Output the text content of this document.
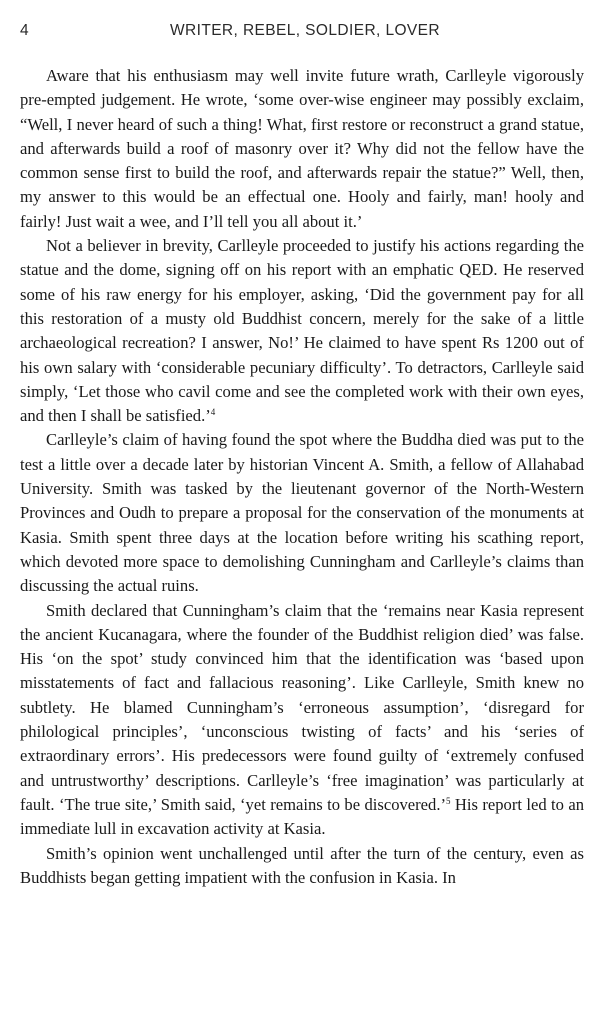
4	WRITER, REBEL, SOLDIER, LOVER

Aware that his enthusiasm may well invite future wrath, Carlleyle vigorously pre-empted judgement. He wrote, ‘some over-wise engineer may possibly exclaim, “Well, I never heard of such a thing! What, first restore or reconstruct a grand statue, and afterwards build a roof of masonry over it? Why did not the fellow have the common sense first to build the roof, and afterwards repair the statue?” Well, then, my answer to this would be an effectual one. Hooly and fairly, man! hooly and fairly! Just wait a wee, and I’ll tell you all about it.’

Not a believer in brevity, Carlleyle proceeded to justify his actions regarding the statue and the dome, signing off on his report with an emphatic QED. He reserved some of his raw energy for his employer, asking, ‘Did the government pay for all this restoration of a musty old Buddhist concern, merely for the sake of a little archaeological recreation? I answer, No!’ He claimed to have spent Rs 1200 out of his own salary with ‘considerable pecuniary difficulty’. To detractors, Carlleyle said simply, ‘Let those who cavil come and see the completed work with their own eyes, and then I shall be satisfied.’$^4$

Carlleyle’s claim of having found the spot where the Buddha died was put to the test a little over a decade later by historian Vincent A. Smith, a fellow of Allahabad University. Smith was tasked by the lieutenant governor of the North-Western Provinces and Oudh to prepare a proposal for the conservation of the monuments at Kasia. Smith spent three days at the location before writing his scathing report, which devoted more space to demolishing Cunningham and Carlleyle’s claims than discussing the actual ruins.

Smith declared that Cunningham’s claim that the ‘remains near Kasia represent the ancient Kucanagara, where the founder of the Buddhist religion died’ was false. His ‘on the spot’ study convinced him that the identification was ‘based upon misstatements of fact and fallacious reasoning’. Like Carlleyle, Smith knew no subtlety. He blamed Cunningham’s ‘erroneous assumption’, ‘disregard for philological principles’, ‘unconscious twisting of facts’ and his ‘series of extraordinary errors’. His predecessors were found guilty of ‘extremely confused and untrustworthy’ descriptions. Carlleyle’s ‘free imagination’ was particularly at fault. ‘The true site,’ Smith said, ‘yet remains to be discovered.’$^5$ His report led to an immediate lull in excavation activity at Kasia.

Smith’s opinion went unchallenged until after the turn of the century, even as Buddhists began getting impatient with the confusion in Kasia. In
